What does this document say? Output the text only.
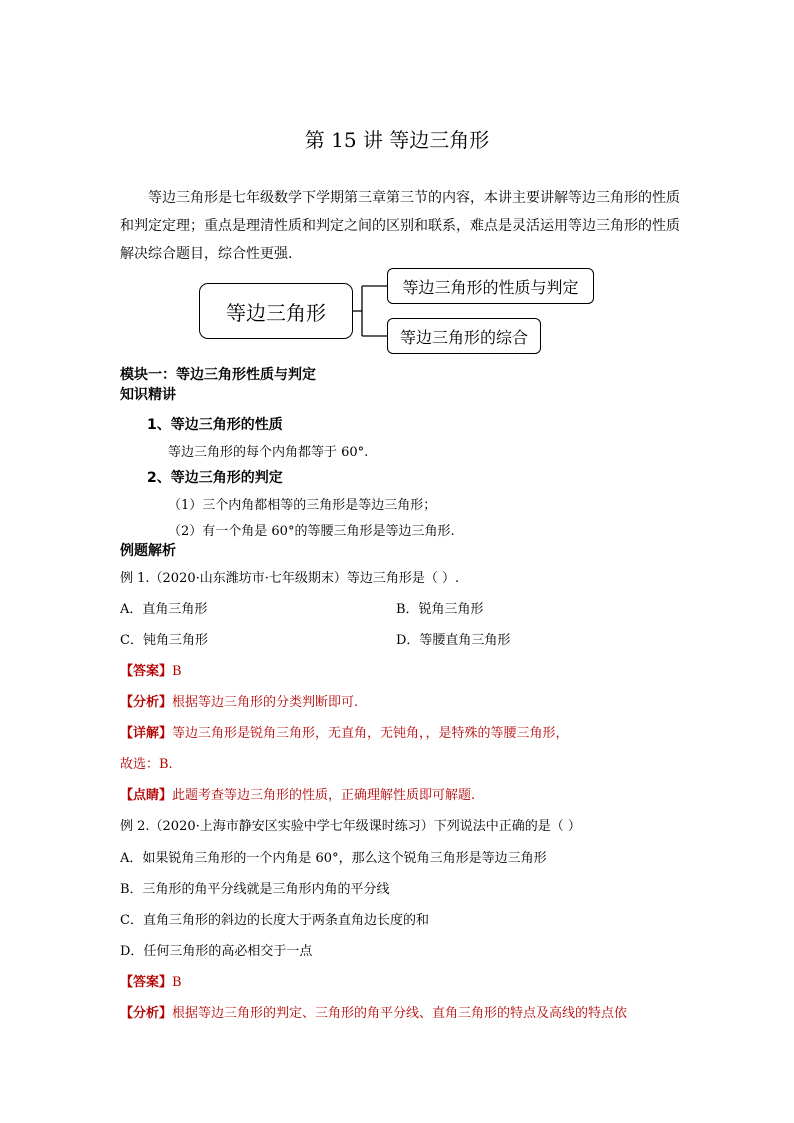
第 15 讲 等边三角形
等边三角形是七年级数学下学期第三章第三节的内容，本讲主要讲解等边三角形的性质和判定定理；重点是理清性质和判定之间的区别和联系，难点是灵活运用等边三角形的性质解决综合题目，综合性更强.
等边三角形
等边三角形的性质与判定
等边三角形的综合
模块一：等边三角形性质与判定
知识精讲
1、等边三角形的性质
等边三角形的每个内角都等于 60°.
2、等边三角形的判定
（1）三个内角都相等的三角形是等边三角形；
（2）有一个角是 60°的等腰三角形是等边三角形.
例题解析
例 1.（2020·山东潍坊市·七年级期末）等边三角形是（ ）.
A．直角三角形	B．锐角三角形
C．钝角三角形	D．等腰直角三角形
【答案】B
【分析】根据等边三角形的分类判断即可.
【详解】等边三角形是锐角三角形，无直角，无钝角，，是特殊的等腰三角形，
故选：B.
【点睛】此题考查等边三角形的性质，正确理解性质即可解题.
例 2.（2020·上海市静安区实验中学七年级课时练习）下列说法中正确的是（ ）
A．如果锐角三角形的一个内角是 60°，那么这个锐角三角形是等边三角形
B．三角形的角平分线就是三角形内角的平分线
C．直角三角形的斜边的长度大于两条直角边长度的和
D．任何三角形的高必相交于一点
【答案】B
【分析】根据等边三角形的判定、三角形的角平分线、直角三角形的特点及高线的特点依
